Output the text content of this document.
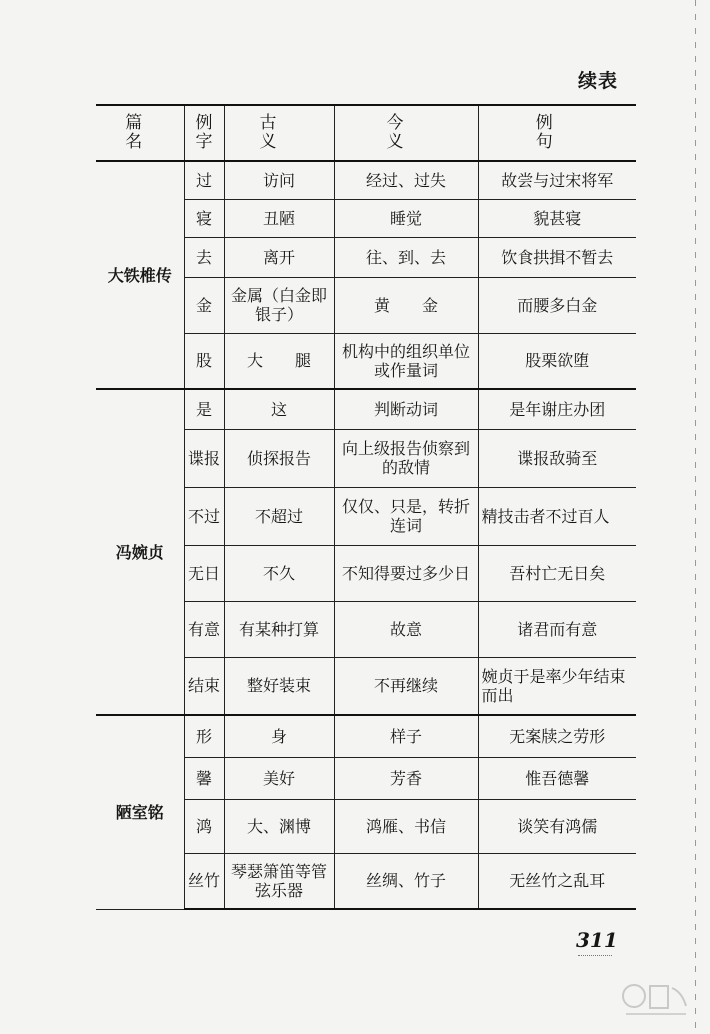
续表
篇　名	例字	古　　义	今　　义	例　　句
大铁椎传	过	访问	经过、过失	故尝与过宋将军
	寝	丑陋	睡觉	貌甚寝
	去	离开	往、到、去	饮食拱揖不暂去
	金	金属（白金即银子）	黄　　金	而腰多白金
	股	大　　腿	机构中的组织单位或作量词	股栗欲堕
冯婉贞	是	这	判断动词	是年谢庄办团
	谍报	侦探报告	向上级报告侦察到的敌情	谍报敌骑至
	不过	不超过	仅仅、只是，转折连词	精技击者不过百人
	无日	不久	不知得要过多少日	吾村亡无日矣
	有意	有某种打算	故意	诸君而有意
	结束	整好装束	不再继续	婉贞于是率少年结束而出
陋室铭	形	身	样子	无案牍之劳形
	馨	美好	芳香	惟吾德馨
	鸿	大、渊博	鸿雁、书信	谈笑有鸿儒
	丝竹	琴瑟箫笛等管弦乐器	丝绸、竹子	无丝竹之乱耳
311
